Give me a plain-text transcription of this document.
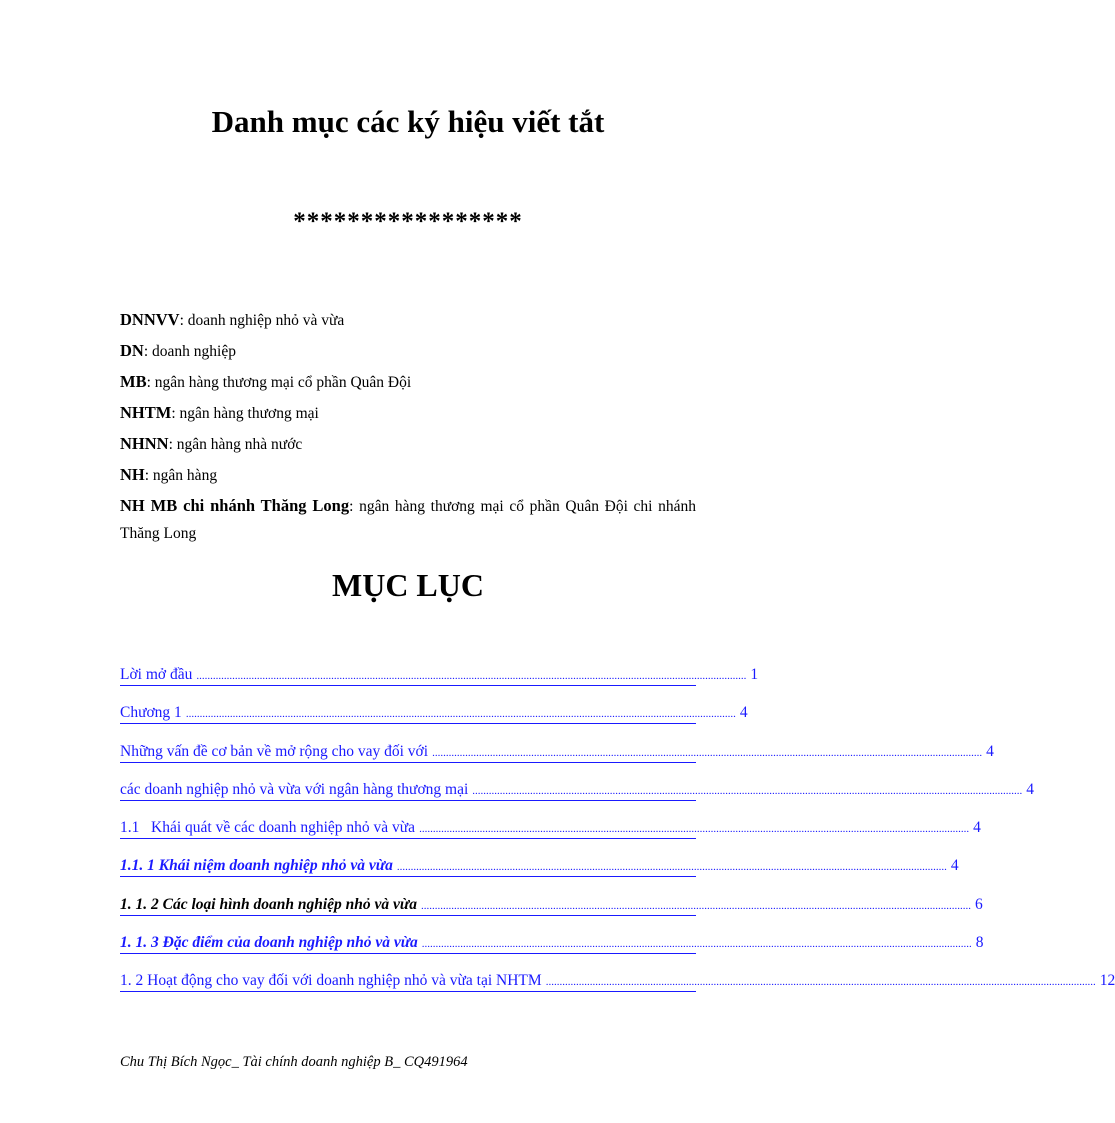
Danh mục các ký hiệu viết tắt
*****************

DNNVV: doanh nghiệp nhỏ và vừa

DN: doanh nghiệp

MB: ngân hàng thương mại cổ phần Quân Đội

NHTM: ngân hàng thương mại

NHNN: ngân hàng nhà nước

NH: ngân hàng

NH MB chi nhánh Thăng Long: ngân hàng thương mại cổ phần Quân Đội chi nhánh Thăng Long

MỤC LỤC
Lời mở đầu ........................................................................................................................................................................................................ 1
Chương 1 ........................................................................................................................................................................................................ 4
Những vấn đề cơ bản về mở rộng cho vay đối với ........................................................................................................................................................................................................ 4
các doanh nghiệp nhỏ và vừa với ngân hàng thương mại ........................................................................................................................................................................................................ 4
1.1   Khái quát về các doanh nghiệp nhỏ và vừa ........................................................................................................................................................................................................ 4
1.1. 1 Khái niệm doanh nghiệp nhỏ và vừa ........................................................................................................................................................................................................ 4
1. 1. 2 Các loại hình doanh nghiệp nhỏ và vừa ........................................................................................................................................................................................................ 6
1. 1. 3 Đặc điểm của doanh nghiệp nhỏ và vừa ........................................................................................................................................................................................................ 8
1. 2 Hoạt động cho vay đối với doanh nghiệp nhỏ và vừa tại NHTM ........................................................................................................................................................................................................ 12
Chu Thị Bích Ngọc_ Tài chính doanh nghiệp B_ CQ491964
